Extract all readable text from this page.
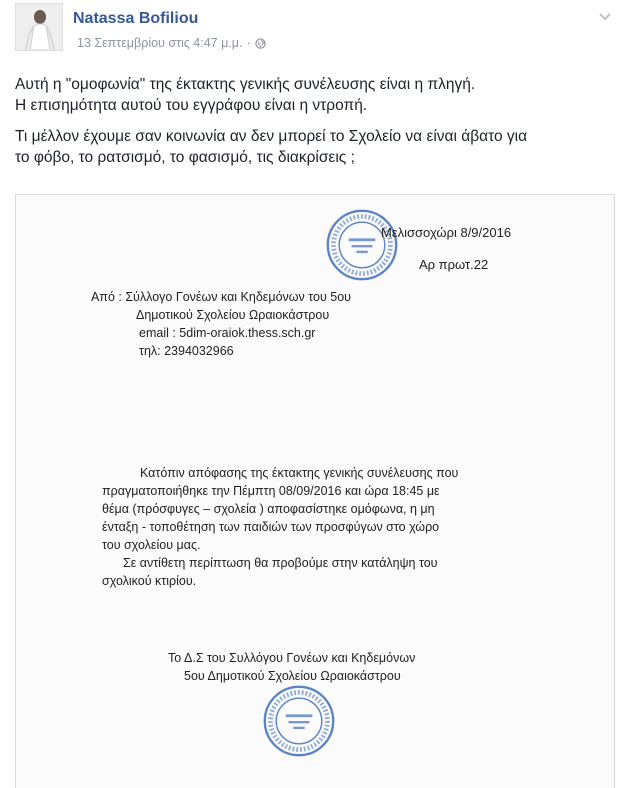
Natassa Bofiliou
13 Σεπτεμβρίου στις 4:47 μ.μ. ·

Αυτή η "ομοφωνία" της έκτακτης γενικής συνέλευσης είναι η πληγή.
Η επισημότητα αυτού του εγγράφου είναι η ντροπή.

Τι μέλλον έχουμε σαν κοινωνία αν δεν μπορεί το Σχολείο να είναι άβατο για
το φόβο, το ρατσισμό, το φασισμό, τις διακρίσεις ;

Μελισσοχώρι 8/9/2016
Αρ πρωτ.22
Από : Σύλλογο Γονέων και Κηδεμόνων του 5ου
Δημοτικού Σχολείου Ωραιοκάστρου
email : 5dim-oraiok.thess.sch.gr
τηλ: 2394032966
Κατόπιν απόφασης της έκτακτης γενικής συνέλευσης που
πραγματοποιήθηκε την Πέμπτη 08/09/2016 και ώρα 18:45 με
θέμα (πρόσφυγες – σχολεία ) αποφασίστηκε ομόφωνα, η μη
ένταξη - τοποθέτηση των παιδιών των προσφύγων στο χώρο
του σχολείου μας.
Σε αντίθετη περίπτωση θα προβούμε στην κατάληψη του
σχολικού κτιρίου.
Το Δ.Σ του Συλλόγου Γονέων και Κηδεμόνων
5ου Δημοτικού Σχολείου Ωραιοκάστρου
